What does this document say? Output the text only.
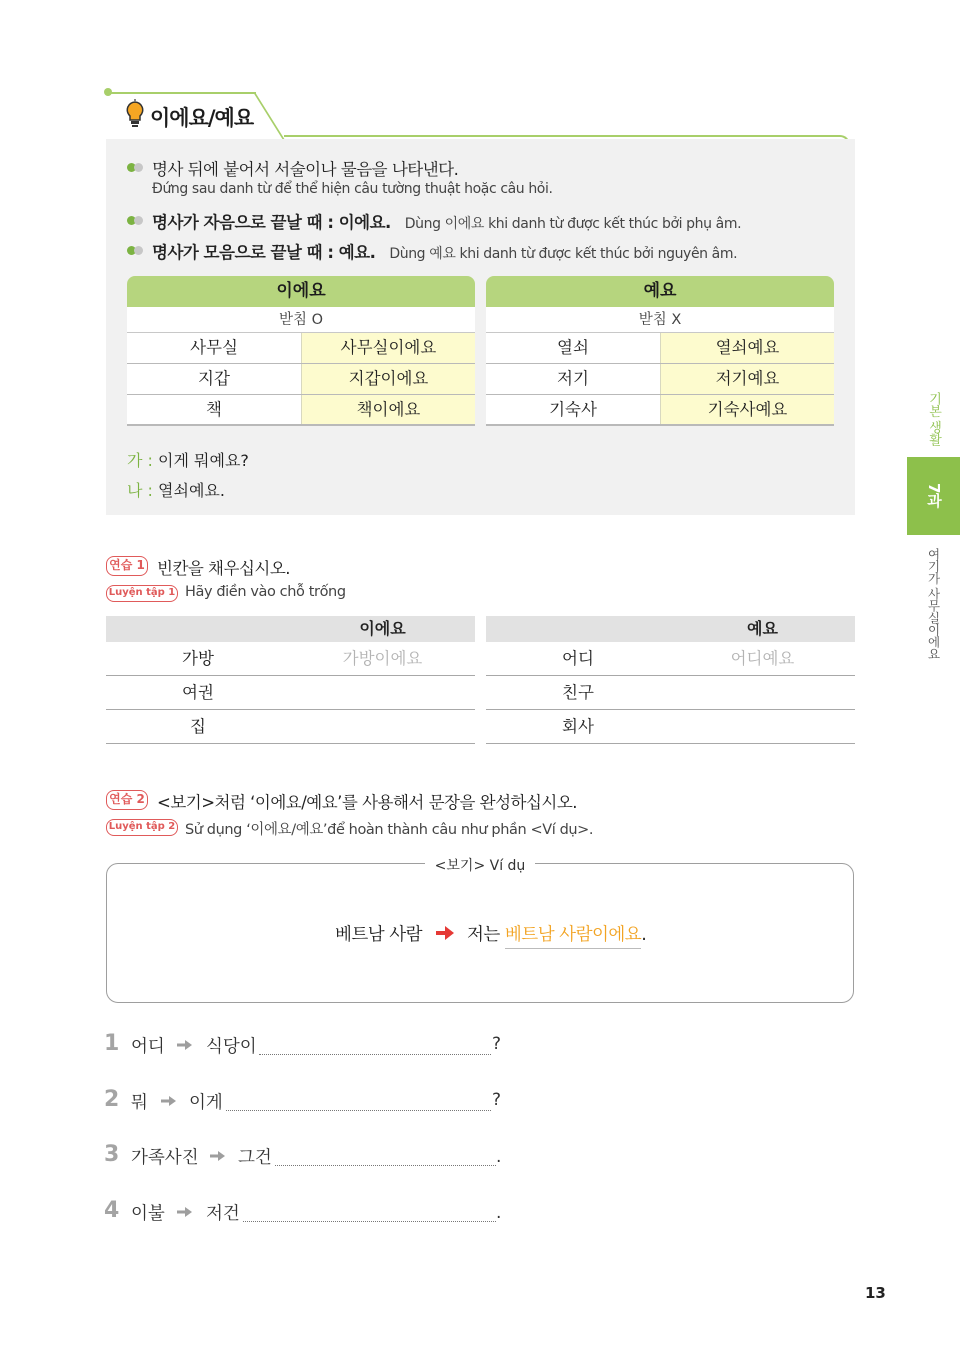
이에요/예요
명사 뒤에 붙어서 서술이나 물음을 나타낸다.
Đứng sau danh từ để thể hiện câu tường thuật hoặc câu hỏi.
명사가 자음으로 끝날 때 : 이에요. Dùng 이에요 khi danh từ được kết thúc bởi phụ âm.
명사가 모음으로 끝날 때 : 예요. Dùng 예요 khi danh từ được kết thúc bởi nguyên âm.
이에요
받침 O
사무실	사무실이에요
지갑	지갑이에요
책	책이에요
예요
받침 X
열쇠	열쇠예요
저기	저기예요
기숙사	기숙사예요
가 : 이게 뭐예요?
나 : 열쇠예요.
연습 1 빈칸을 채우십시오.
Luyện tập 1 Hãy điền vào chỗ trống
이에요
가방	가방이에요
여권
집
예요
어디	어디예요
친구
회사
연습 2 <보기>처럼 ‘이에요/예요’를 사용해서 문장을 완성하십시오.
Luyện tập 2 Sử dụng ‘이에요/예요’để hoàn thành câu như phần <Ví dụ>.
<보기> Ví dụ
베트남 사람	저는 베트남 사람이에요.
1 어디 식당이	?
2 뭐 이게	?
3 가족사진 그건	.
4 이불 저건	.
기본 생활
7과
여기가 사무실이에요
13
